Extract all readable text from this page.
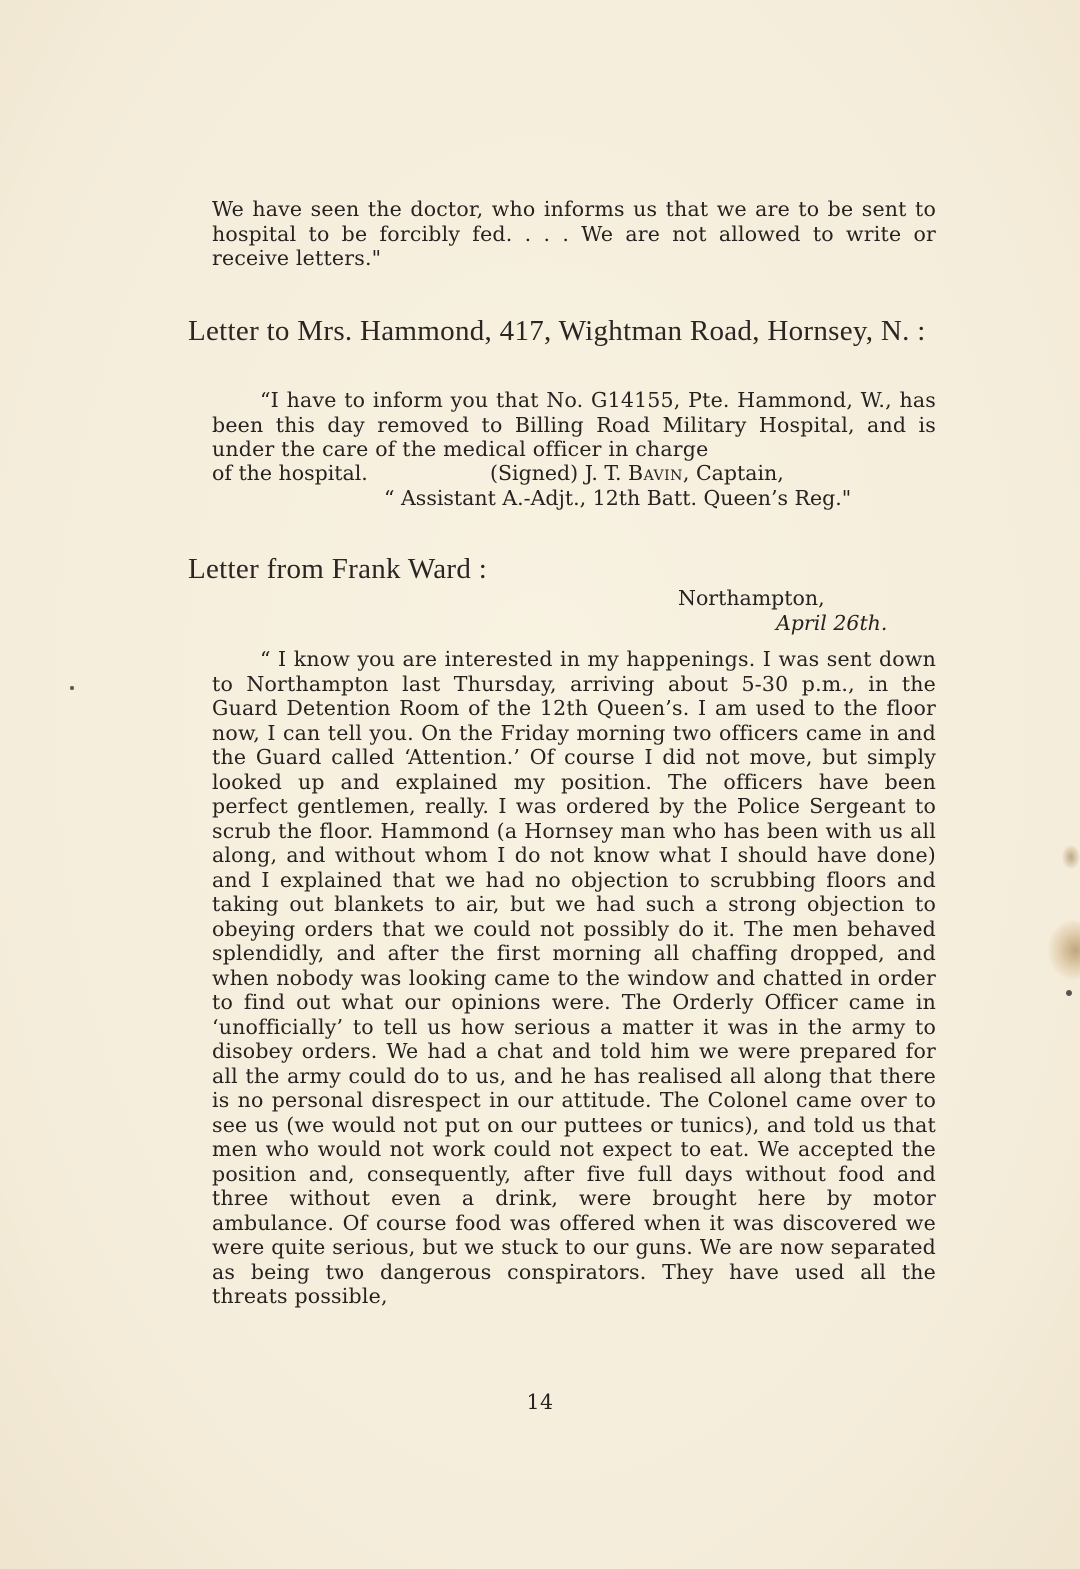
We have seen the doctor, who informs us that we are to be sent to hospital to be forcibly fed. . . . We are not allowed to write or receive letters."

Letter to Mrs. Hammond, 417, Wightman Road, Hornsey, N. :

“I have to inform you that No. G14155, Pte. Hammond, W., has been this day removed to Billing Road Military Hospital, and is under the care of the medical officer in charge

of the hospital.	(Signed) J. T. Bavin, Captain,
“ Assistant A.-Adjt., 12th Batt. Queen’s Reg."
Letter from Frank Ward :
Northampton,
April 26th.

“ I know you are interested in my happenings. I was sent down to Northampton last Thursday, arriving about 5-30 p.m., in the Guard Detention Room of the 12th Queen’s. I am used to the floor now, I can tell you. On the Friday morning two officers came in and the Guard called ‘Attention.’ Of course I did not move, but simply looked up and explained my position. The officers have been perfect gentlemen, really. I was ordered by the Police Sergeant to scrub the floor. Hammond (a Hornsey man who has been with us all along, and without whom I do not know what I should have done) and I explained that we had no objection to scrubbing floors and taking out blankets to air, but we had such a strong objection to obeying orders that we could not possibly do it. The men behaved splendidly, and after the first morning all chaffing dropped, and when nobody was looking came to the window and chatted in order to find out what our opinions were. The Orderly Officer came in ‘unofficially’ to tell us how serious a matter it was in the army to disobey orders. We had a chat and told him we were prepared for all the army could do to us, and he has realised all along that there is no personal disrespect in our attitude. The Colonel came over to see us (we would not put on our puttees or tunics), and told us that men who would not work could not expect to eat. We accepted the position and, consequently, after five full days without food and three without even a drink, were brought here by motor ambulance. Of course food was offered when it was discovered we were quite serious, but we stuck to our guns. We are now separated as being two dangerous conspirators. They have used all the threats possible,

14
